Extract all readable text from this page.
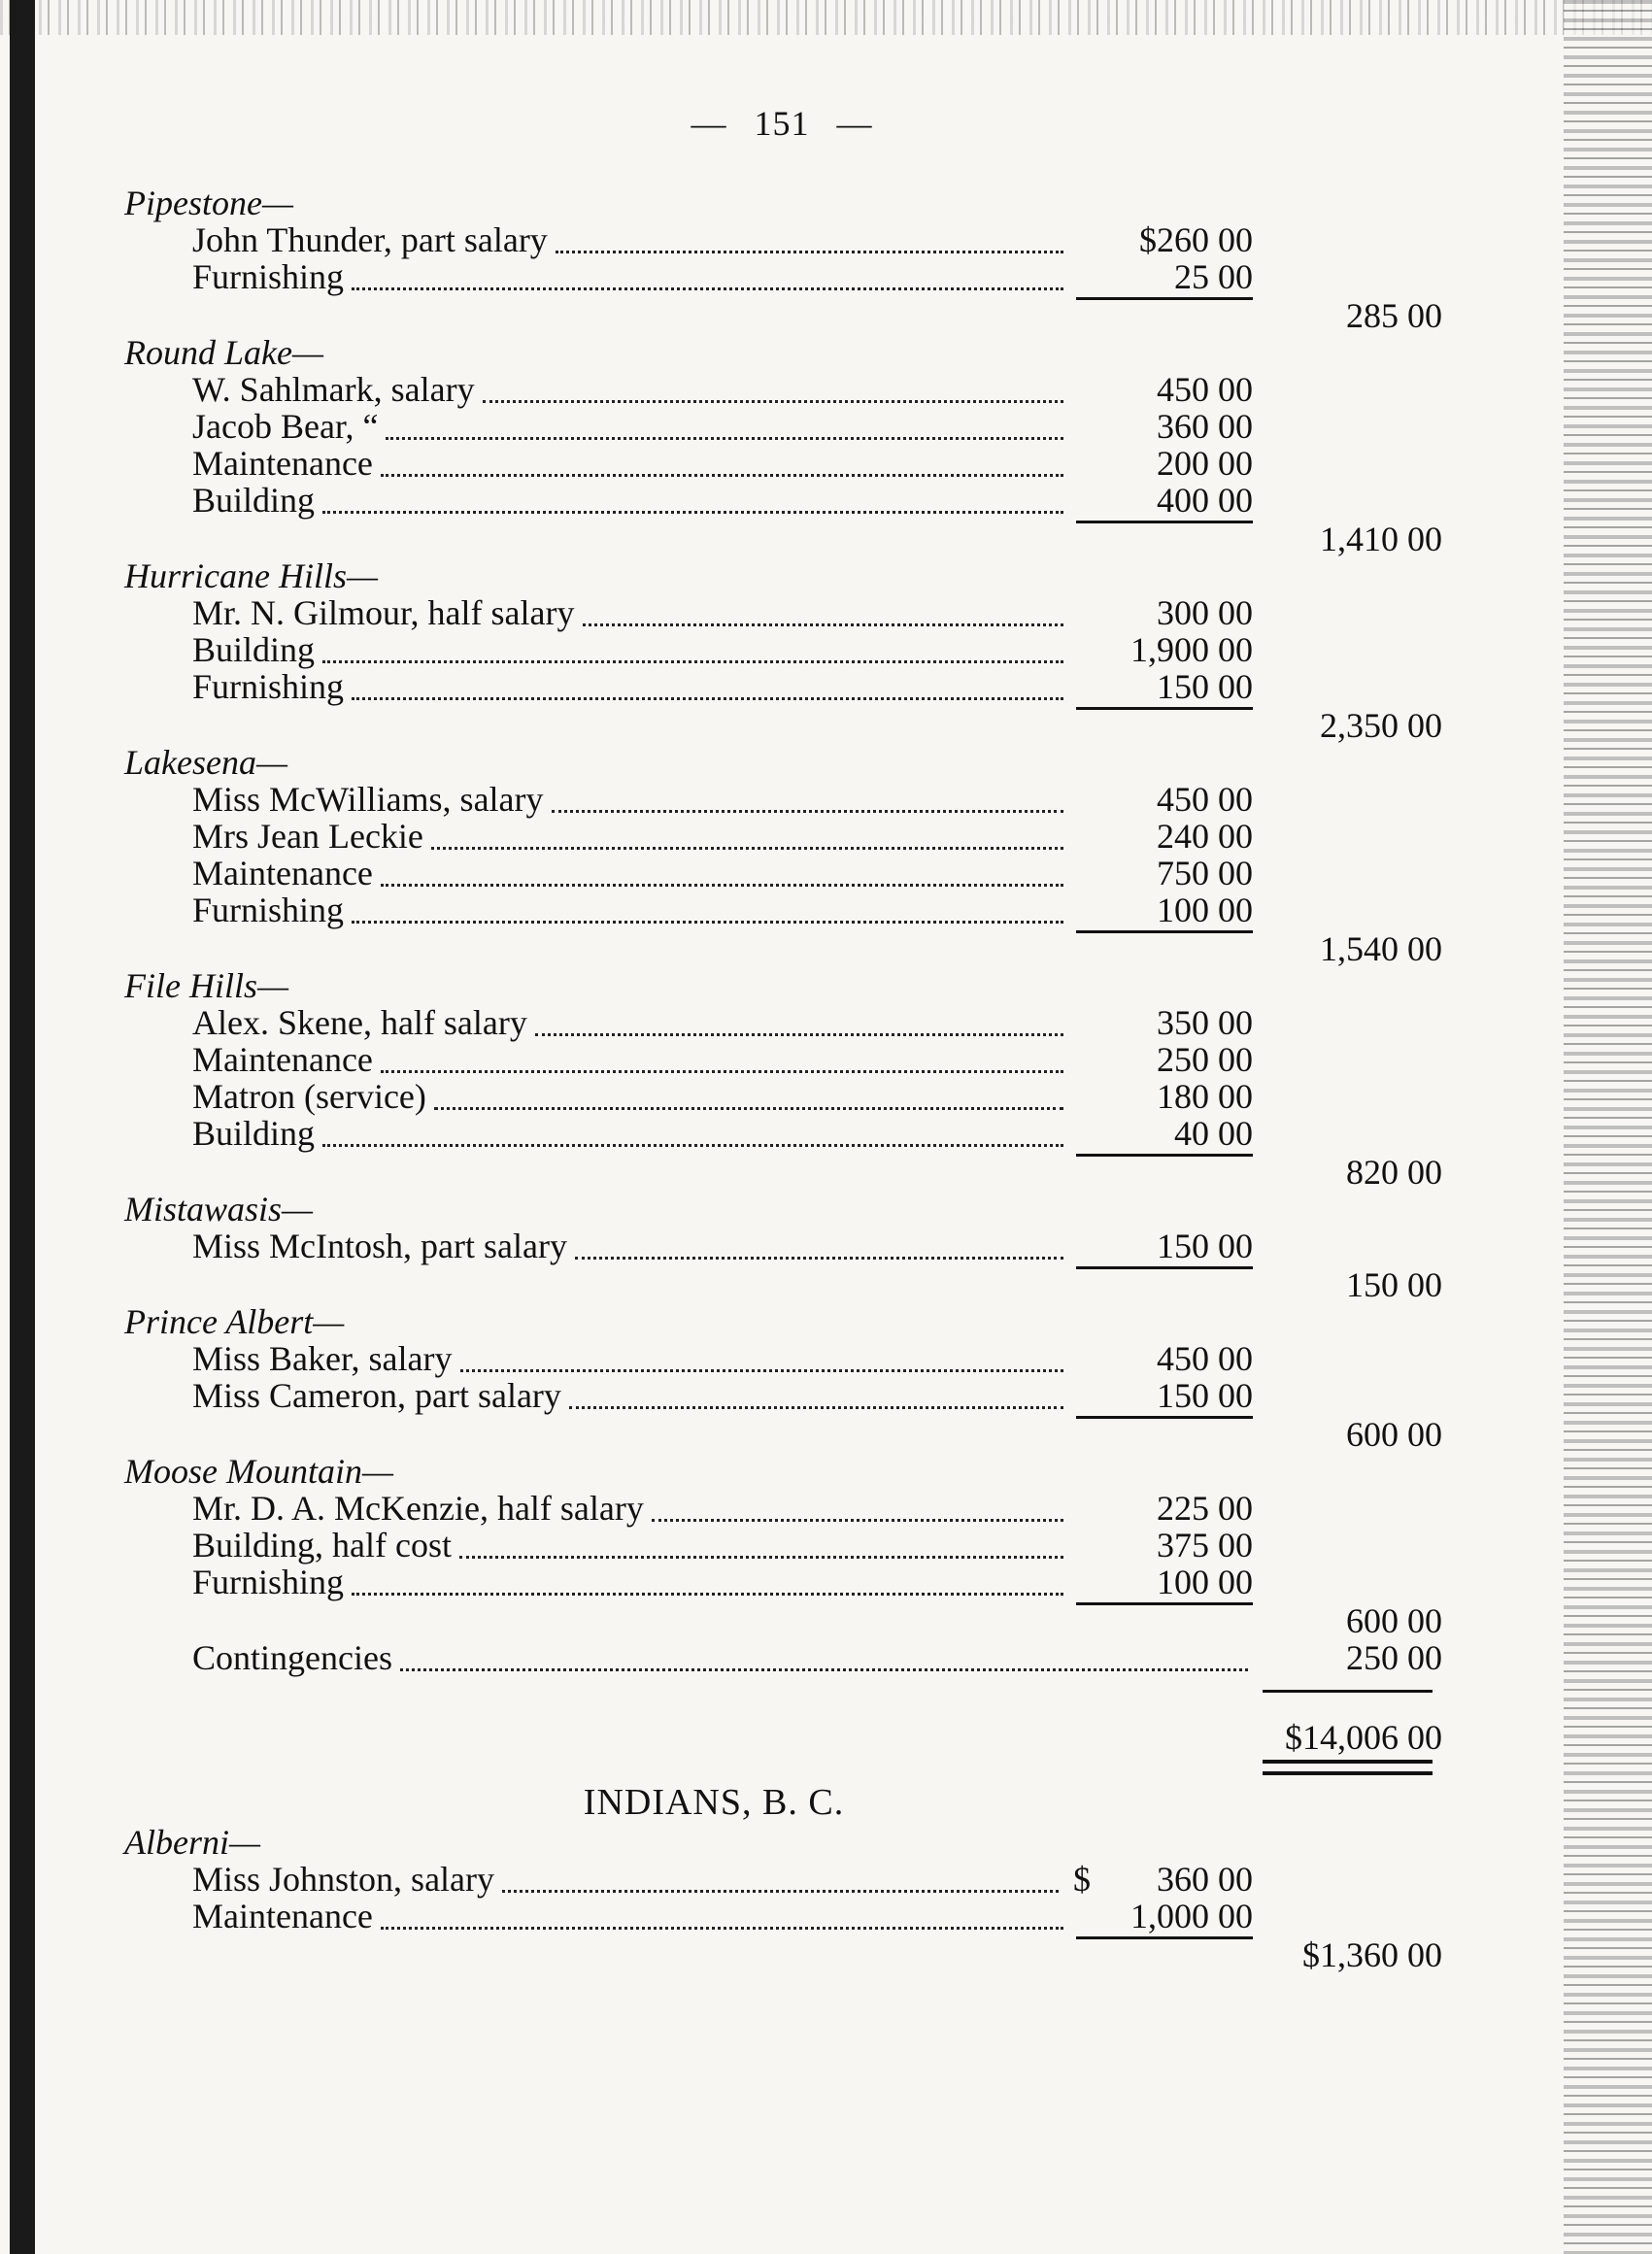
— 151 —
Pipestone—
John Thunder, part salary	$260 00
Furnishing	25 00
285 00
Round Lake—
W. Sahlmark, salary	450 00
Jacob Bear, “	360 00
Maintenance	200 00
Building	400 00
1,410 00
Hurricane Hills—
Mr. N. Gilmour, half salary	300 00
Building	1,900 00
Furnishing	150 00
2,350 00
Lakesena—
Miss McWilliams, salary	450 00
Mrs Jean Leckie	240 00
Maintenance	750 00
Furnishing	100 00
1,540 00
File Hills—
Alex. Skene, half salary	350 00
Maintenance	250 00
Matron (service)	180 00
Building	40 00
820 00
Mistawasis—
Miss McIntosh, part salary	150 00
150 00
Prince Albert—
Miss Baker, salary	450 00
Miss Cameron, part salary	150 00
600 00
Moose Mountain—
Mr. D. A. McKenzie, half salary	225 00
Building, half cost	375 00
Furnishing	100 00
600 00
Contingencies	250 00
$14,006 00
INDIANS, B. C.
Alberni—
Miss Johnston, salary	$	360 00
Maintenance	1,000 00
$1,360 00
